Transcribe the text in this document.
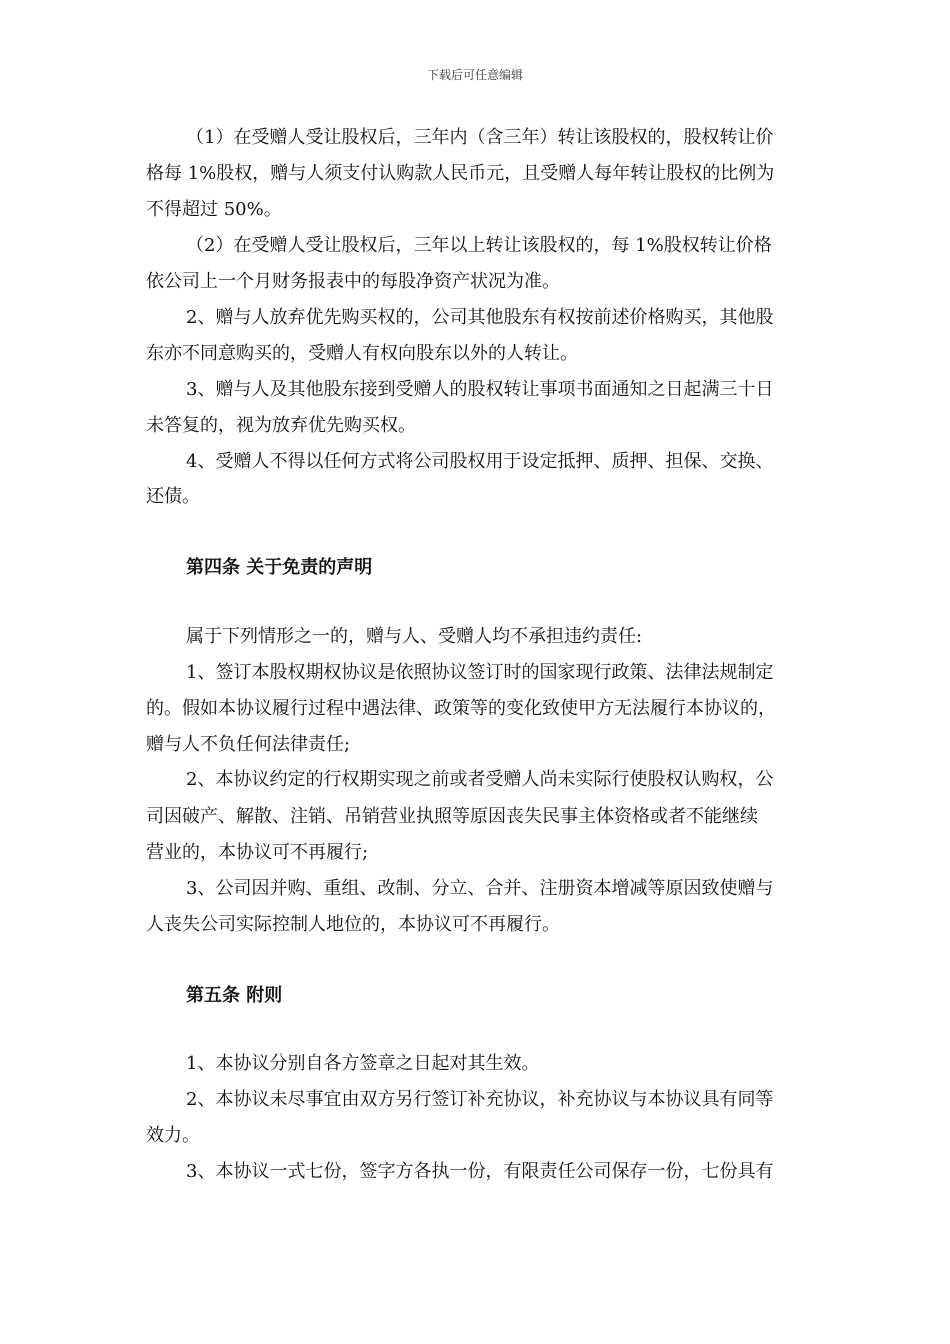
下载后可任意编辑
（1）在受赠人受让股权后，三年内（含三年）转让该股权的，股权转让价
格每 1%股权，赠与人须支付认购款人民币元，且受赠人每年转让股权的比例为
不得超过 50%。
（2）在受赠人受让股权后，三年以上转让该股权的，每 1%股权转让价格
依公司上一个月财务报表中的每股净资产状况为准。
2、赠与人放弃优先购买权的，公司其他股东有权按前述价格购买，其他股
东亦不同意购买的，受赠人有权向股东以外的人转让。
3、赠与人及其他股东接到受赠人的股权转让事项书面通知之日起满三十日
未答复的，视为放弃优先购买权。
4、受赠人不得以任何方式将公司股权用于设定抵押、质押、担保、交换、
还债。
第四条 关于免责的声明
属于下列情形之一的，赠与人、受赠人均不承担违约责任:
1、签订本股权期权协议是依照协议签订时的国家现行政策、法律法规制定
的。假如本协议履行过程中遇法律、政策等的变化致使甲方无法履行本协议的，
赠与人不负任何法律责任;
2、本协议约定的行权期实现之前或者受赠人尚未实际行使股权认购权，公
司因破产、解散、注销、吊销营业执照等原因丧失民事主体资格或者不能继续
营业的，本协议可不再履行;
3、公司因并购、重组、改制、分立、合并、注册资本增减等原因致使赠与
人丧失公司实际控制人地位的，本协议可不再履行。
第五条 附则
1、本协议分别自各方签章之日起对其生效。
2、本协议未尽事宜由双方另行签订补充协议，补充协议与本协议具有同等
效力。
3、本协议一式七份，签字方各执一份，有限责任公司保存一份，七份具有
